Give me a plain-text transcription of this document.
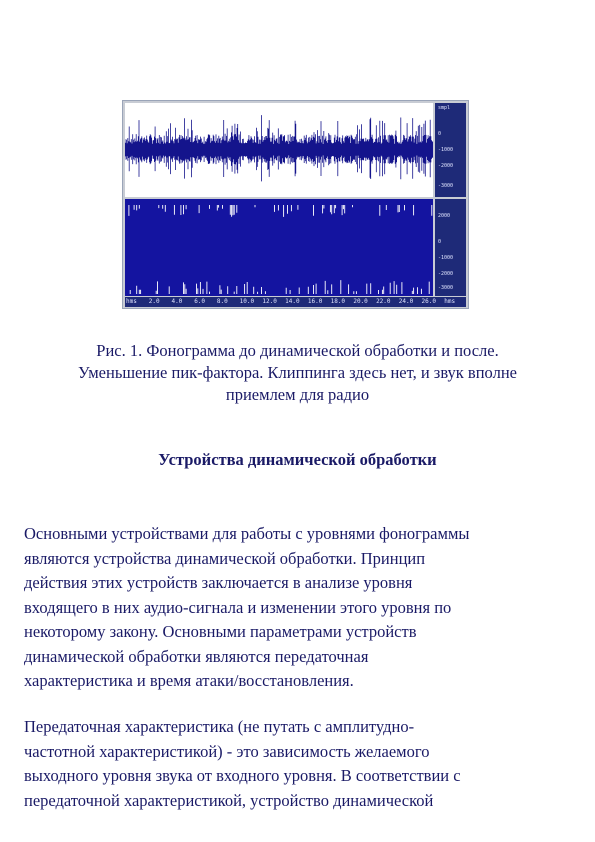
smpl
0
-1000
-2000
-3000
2000
0
-1000
-2000
-3000
hms 2.0 4.0 6.0 8.0 10.0 12.0 14.0 16.0 18.0 20.0 22.0 24.0 26.0 hms
Рис. 1. Фонограмма до динамической обработки и после.
Уменьшение пик-фактора. Клиппинга здесь нет, и звук вполне
приемлем для радио
Устройства динамической обработки
Основными устройствами для работы с уровнями фонограммы
являются устройства динамической обработки. Принцип
действия этих устройств заключается в анализе уровня
входящего в них аудио-сигнала и изменении этого уровня по
некоторому закону. Основными параметрами устройств
динамической обработки являются передаточная
характеристика и время атаки/восстановления.
Передаточная характеристика (не путать с амплитудно-
частотной характеристикой) - это зависимость желаемого
выходного уровня звука от входного уровня. В соответствии с
передаточной характеристикой, устройство динамической
